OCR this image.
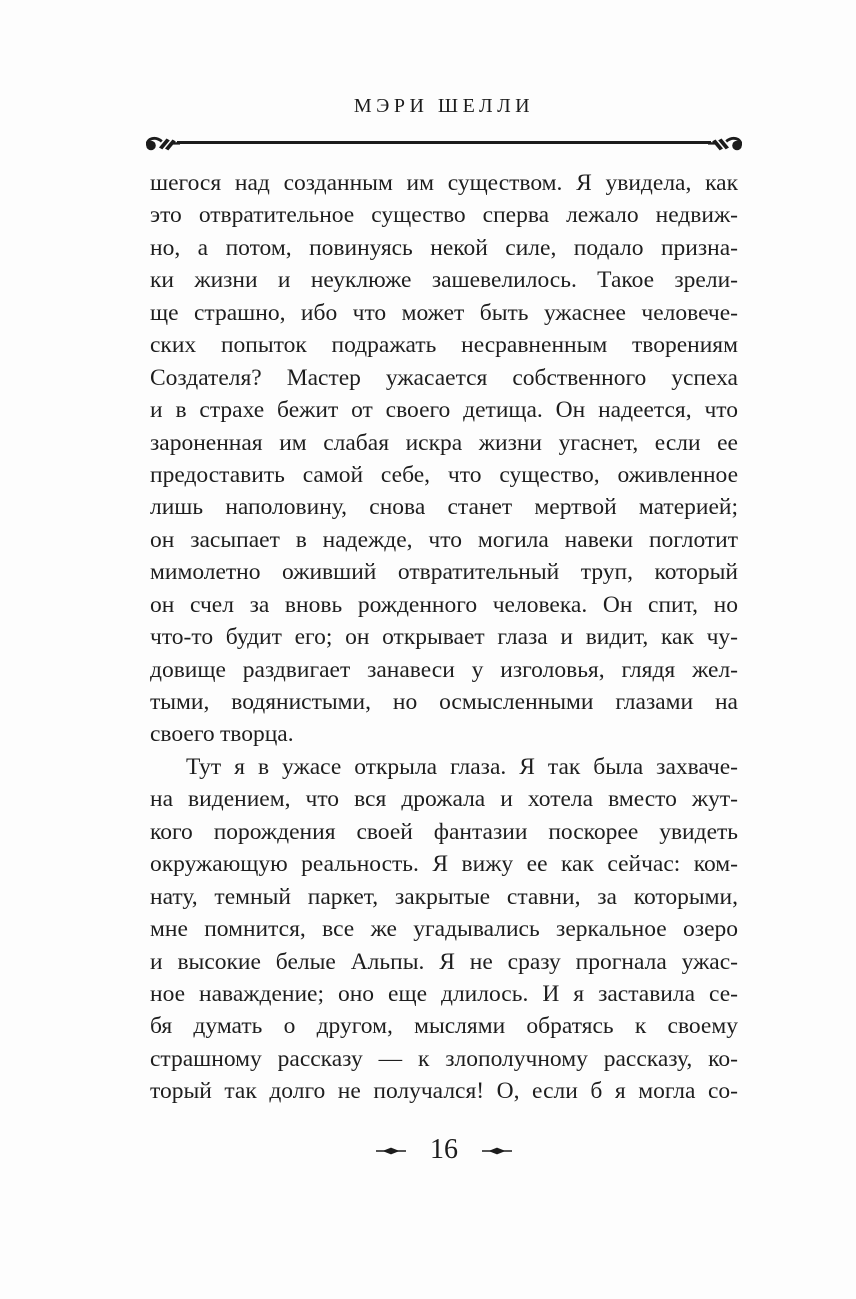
МЭРИ ШЕЛЛИ
шегося над созданным им существом. Я увидела, как
это отвратительное существо сперва лежало недвиж-
но, а потом, повинуясь некой силе, подало призна-
ки жизни и неуклюже зашевелилось. Такое зрели-
ще страшно, ибо что может быть ужаснее человече-
ских попыток подражать несравненным творениям
Создателя? Мастер ужасается собственного успеха
и в страхе бежит от своего детища. Он надеется, что
зароненная им слабая искра жизни угаснет, если ее
предоставить самой себе, что существо, оживленное
лишь наполовину, снова станет мертвой материей;
он засыпает в надежде, что могила навеки поглотит
мимолетно оживший отвратительный труп, который
он счел за вновь рожденного человека. Он спит, но
что-то будит его; он открывает глаза и видит, как чу-
довище раздвигает занавеси у изголовья, глядя жел-
тыми, водянистыми, но осмысленными глазами на
своего творца.
Тут я в ужасе открыла глаза. Я так была захваче-
на видением, что вся дрожала и хотела вместо жут-
кого порождения своей фантазии поскорее увидеть
окружающую реальность. Я вижу ее как сейчас: ком-
нату, темный паркет, закрытые ставни, за которыми,
мне помнится, все же угадывались зеркальное озеро
и высокие белые Альпы. Я не сразу прогнала ужас-
ное наваждение; оно еще длилось. И я заставила се-
бя думать о другом, мыслями обратясь к своему
страшному рассказу — к злополучному рассказу, ко-
торый так долго не получался! О, если б я могла со-
16
